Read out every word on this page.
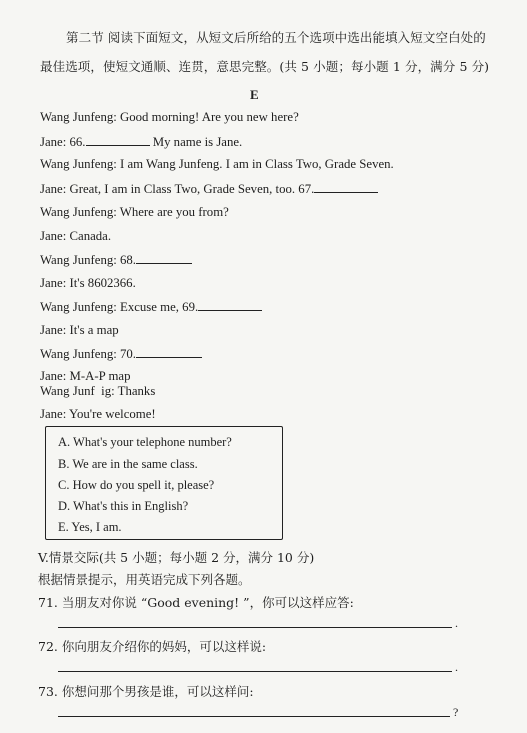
第二节 阅读下面短文，从短文后所给的五个选项中选出能填入短文空白处的
最佳选项，使短文通顺、连贯，意思完整。(共 5 小题；每小题 1 分，满分 5 分)
E
Wang Junfeng: Good morning! Are you new here?
Jane: 66.	My name is Jane.
Wang Junfeng: I am Wang Junfeng. I am in Class Two, Grade Seven.
Jane: Great, I am in Class Two, Grade Seven, too. 67.
Wang Junfeng: Where are you from?
Jane: Canada.
Wang Junfeng: 68.
Jane: It's 8602366.
Wang Junfeng: Excuse me, 69.
Jane: It's a map
Wang Junfeng: 70.
Jane: M-A-P map
Wang Junf  ig: Thanks
Jane: You're welcome!
A. What's your telephone number?
B. We are in the same class.
C. How do you spell it, please?
D. What's this in English?
E. Yes, I am.
V.情景交际(共 5 小题；每小题 2 分，满分 10 分)
根据情景提示，用英语完成下列各题。
71. 当朋友对你说 “Good evening! ”，你可以这样应答:
.
72. 你向朋友介绍你的妈妈，可以这样说:
.
73. 你想问那个男孩是谁，可以这样问:
?
